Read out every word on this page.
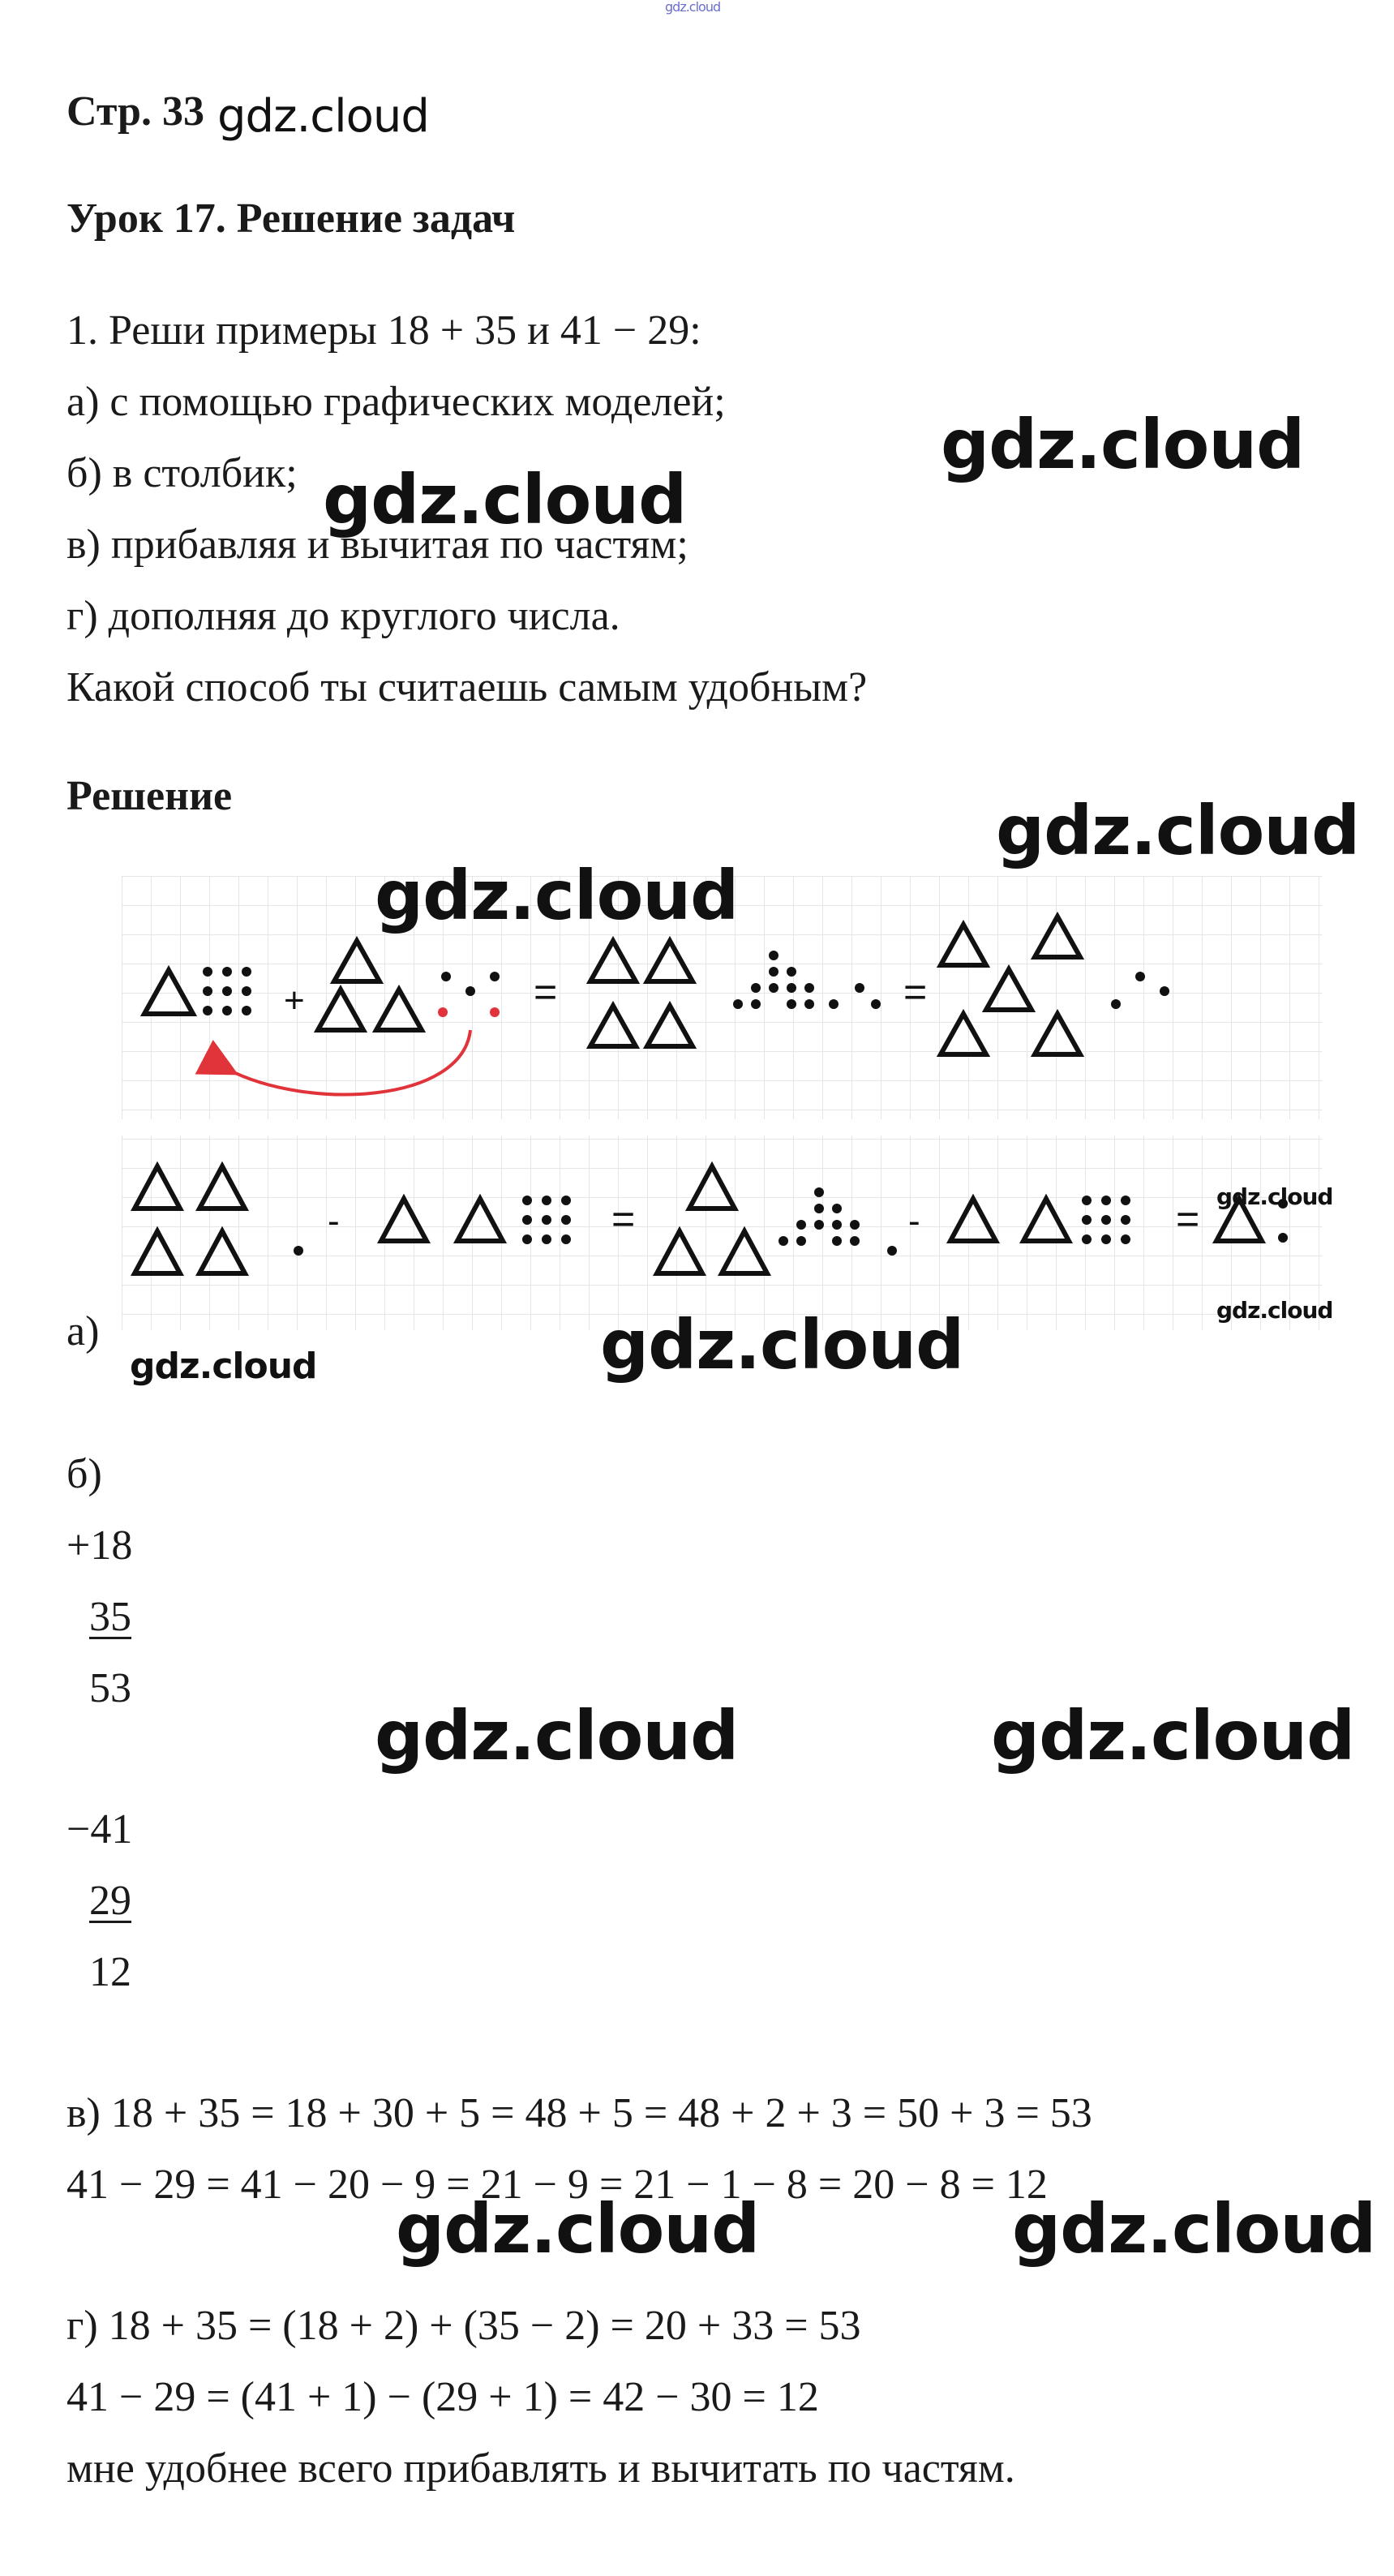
gdz.cloud
Стр. 33 gdz.cloud
Урок 17. Решение задач
1. Реши примеры 18 + 35 и 41 − 29:
а) с помощью графических моделей;
б) в столбик;
в) прибавляя и вычитая по частям;
г) дополняя до круглого числа.
Какой способ ты считаешь самым удобным?
gdz.cloud
gdz.cloud
Решение	gdz.cloud
+	=	=
-	=	-	=
gdz.cloud
gdz.cloud
gdz.cloud
а)
gdz.cloud	gdz.cloud
б)
+18
35
53
gdz.cloud	gdz.cloud
−41
29
12
в) 18 + 35 = 18 + 30 + 5 = 48 + 5 = 48 + 2 + 3 = 50 + 3 = 53
41 − 29 = 41 − 20 − 9 = 21 − 9 = 21 − 1 − 8 = 20 − 8 = 12
gdz.cloud	gdz.cloud
г) 18 + 35 = (18 + 2) + (35 − 2) = 20 + 33 = 53
41 − 29 = (41 + 1) − (29 + 1) = 42 − 30 = 12
мне удобнее всего прибавлять и вычитать по частям.
